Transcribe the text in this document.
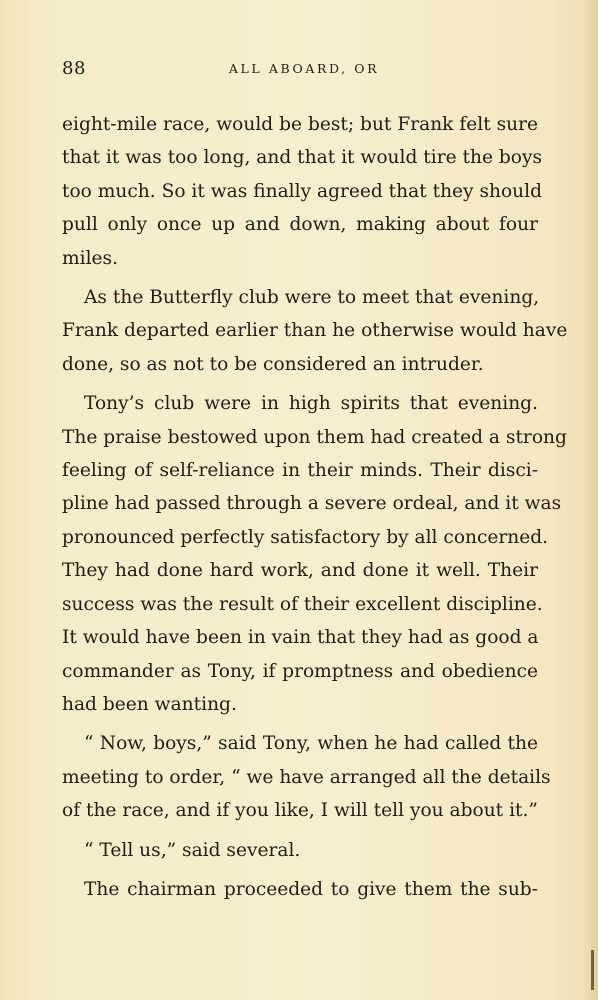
88	ALL ABOARD, OR
eight-mile race, would be best; but Frank felt sure
that it was too long, and that it would tire the boys
too much. So it was finally agreed that they should
pull only once up and down, making about four
miles.
As the Butterfly club were to meet that evening,
Frank departed earlier than he otherwise would have
done, so as not to be considered an intruder.
Tony’s club were in high spirits that evening.
The praise bestowed upon them had created a strong
feeling of self-reliance in their minds. Their disci-
pline had passed through a severe ordeal, and it was
pronounced perfectly satisfactory by all concerned.
They had done hard work, and done it well. Their
success was the result of their excellent discipline.
It would have been in vain that they had as good a
commander as Tony, if promptness and obedience
had been wanting.
“ Now, boys,” said Tony, when he had called the
meeting to order, “ we have arranged all the details
of the race, and if you like, I will tell you about it.”
“ Tell us,” said several.
The chairman proceeded to give them the sub-
